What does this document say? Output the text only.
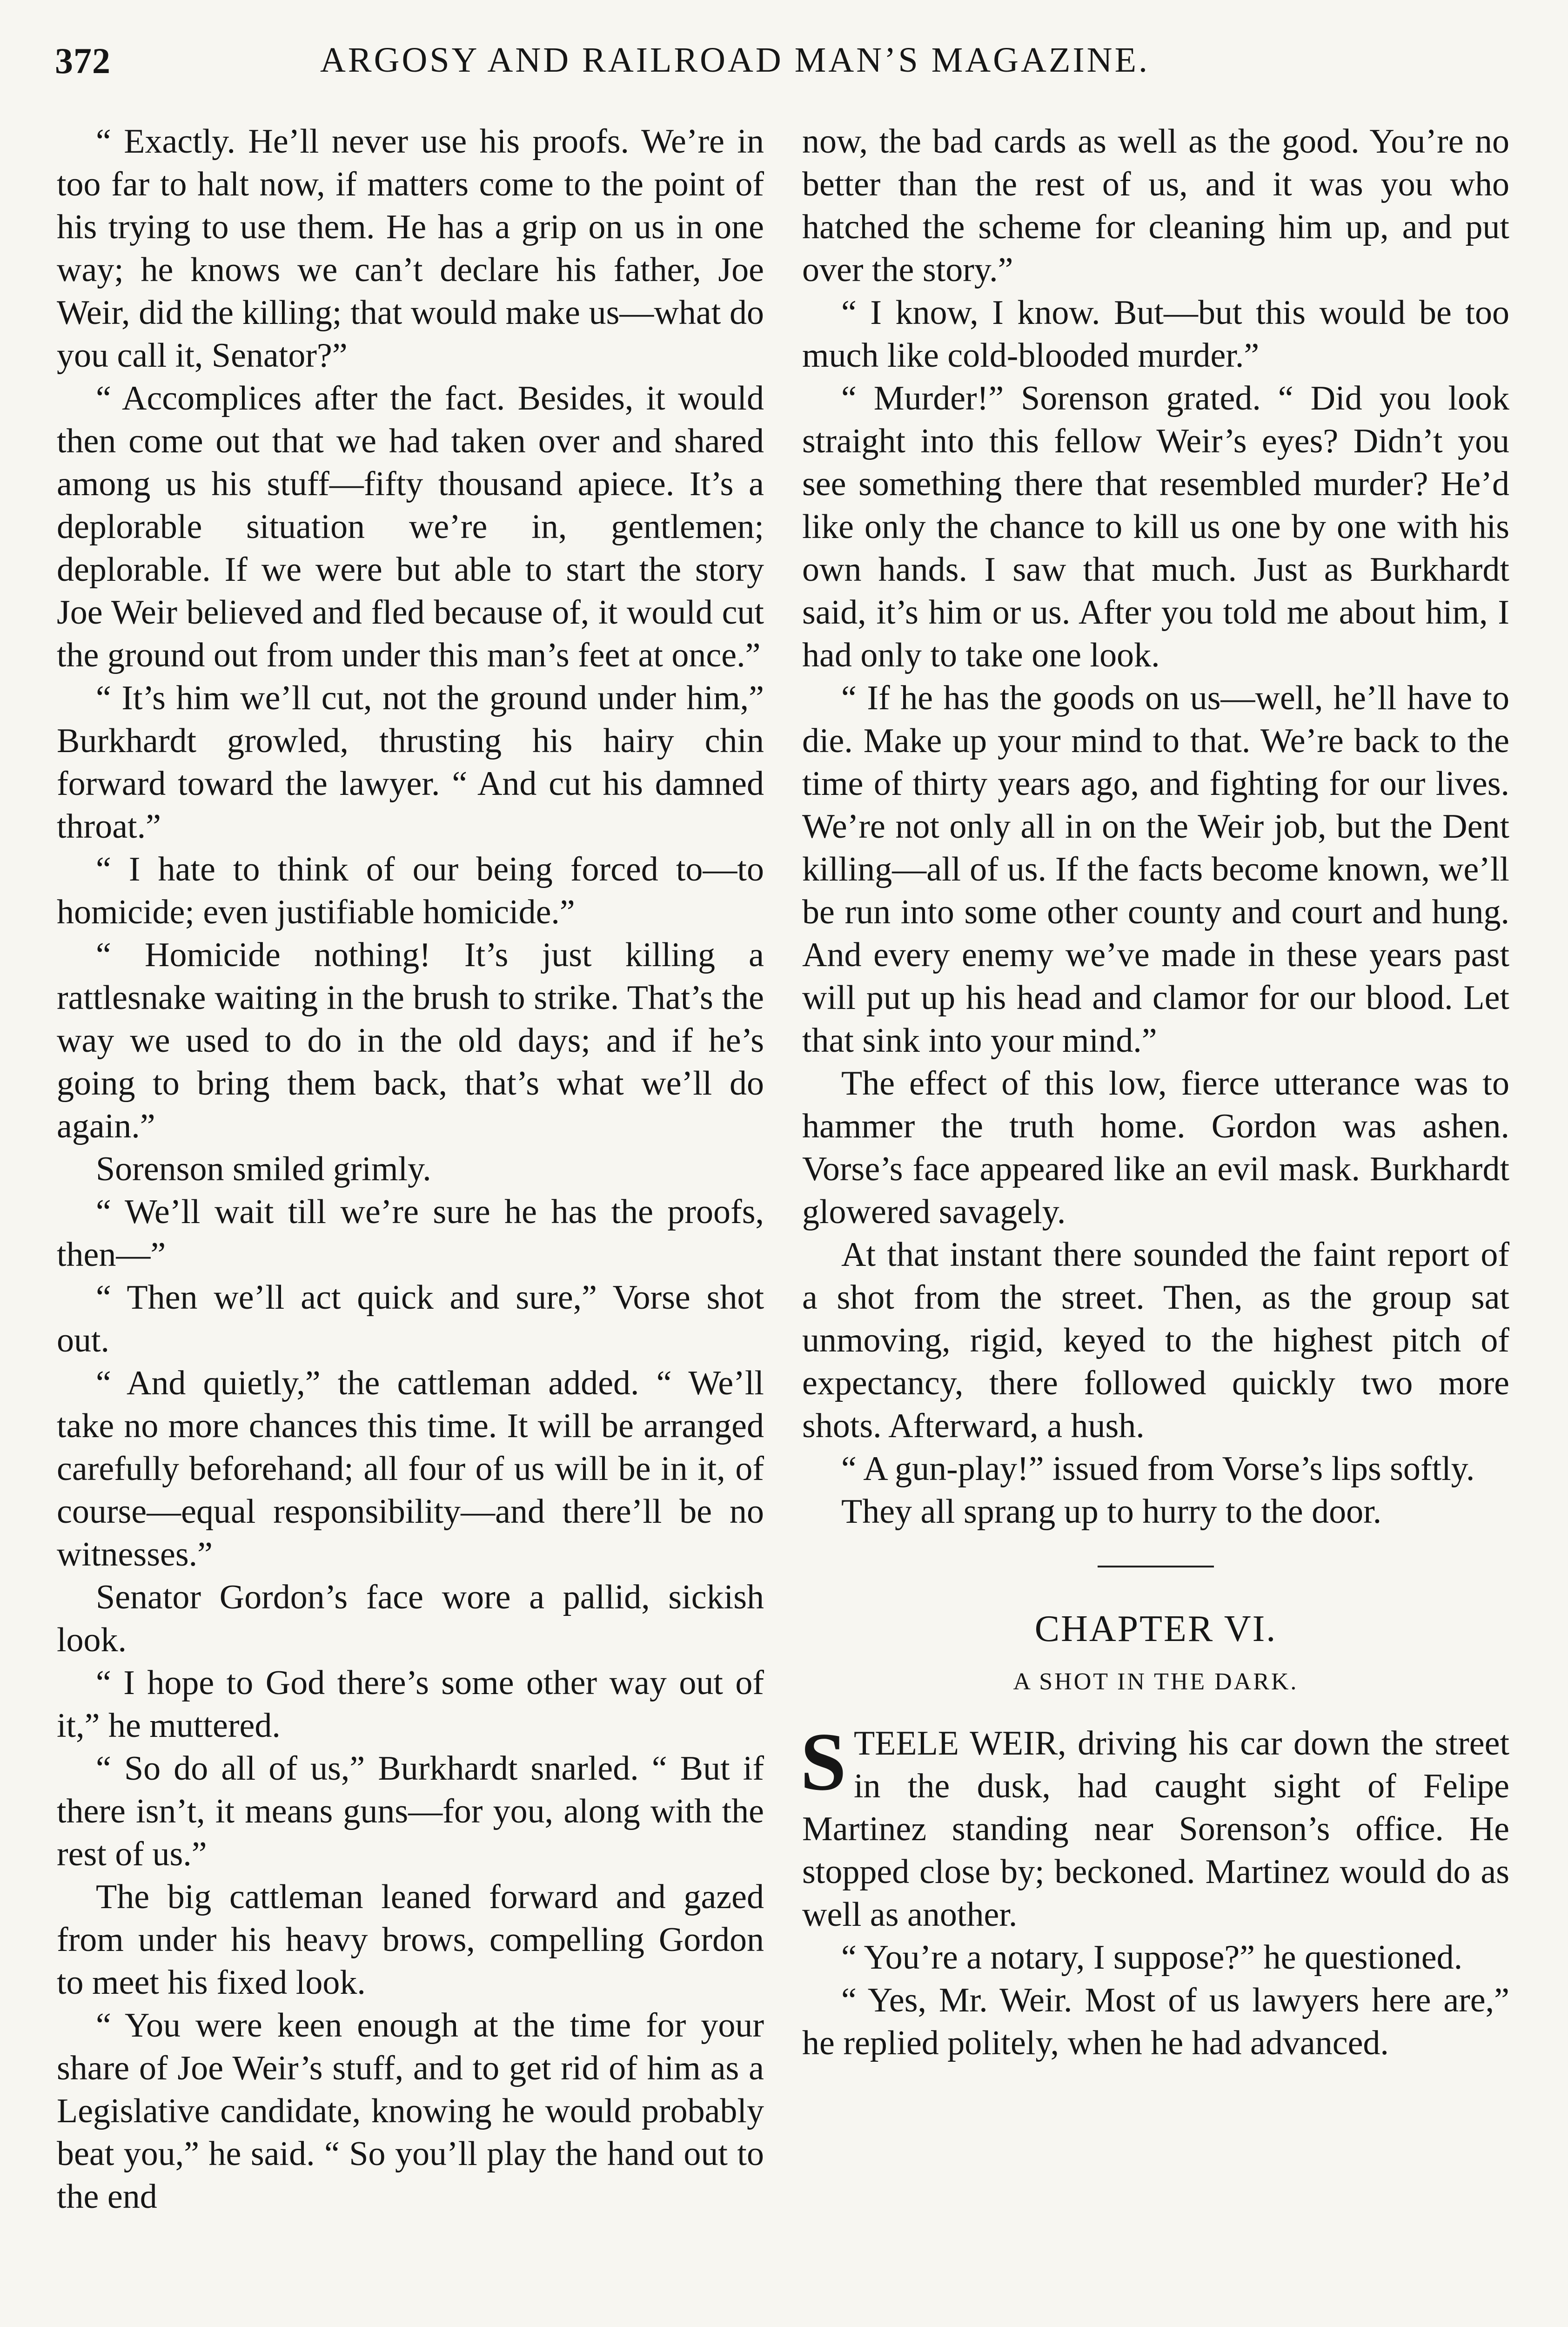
372	ARGOSY AND RAILROAD MAN’S MAGAZINE.

“ Exactly. He’ll never use his proofs. We’re in too far to halt now, if matters come to the point of his trying to use them. He has a grip on us in one way; he knows we can’t declare his father, Joe Weir, did the killing; that would make us—what do you call it, Senator?”

“ Accomplices after the fact. Besides, it would then come out that we had taken over and shared among us his stuff—fifty thousand apiece. It’s a deplorable situation we’re in, gentlemen; deplorable. If we were but able to start the story Joe Weir believed and fled because of, it would cut the ground out from under this man’s feet at once.”

“ It’s him we’ll cut, not the ground under him,” Burkhardt growled, thrusting his hairy chin forward toward the lawyer. “ And cut his damned throat.”

“ I hate to think of our being forced to—to homicide; even justifiable homicide.”

“ Homicide nothing! It’s just killing a rattlesnake waiting in the brush to strike. That’s the way we used to do in the old days; and if he’s going to bring them back, that’s what we’ll do again.”

Sorenson smiled grimly.

“ We’ll wait till we’re sure he has the proofs, then—”

“ Then we’ll act quick and sure,” Vorse shot out.

“ And quietly,” the cattleman added. “ We’ll take no more chances this time. It will be arranged carefully beforehand; all four of us will be in it, of course—equal responsibility—and there’ll be no witnesses.”

Senator Gordon’s face wore a pallid, sickish look.

“ I hope to God there’s some other way out of it,” he muttered.

“ So do all of us,” Burkhardt snarled. “ But if there isn’t, it means guns—for you, along with the rest of us.”

The big cattleman leaned forward and gazed from under his heavy brows, compelling Gordon to meet his fixed look.

“ You were keen enough at the time for your share of Joe Weir’s stuff, and to get rid of him as a Legislative candidate, knowing he would probably beat you,” he said. “ So you’ll play the hand out to the end

now, the bad cards as well as the good. You’re no better than the rest of us, and it was you who hatched the scheme for cleaning him up, and put over the story.”

“ I know, I know. But—but this would be too much like cold-blooded murder.”

“ Murder!” Sorenson grated. “ Did you look straight into this fellow Weir’s eyes? Didn’t you see something there that resembled murder? He’d like only the chance to kill us one by one with his own hands. I saw that much. Just as Burkhardt said, it’s him or us. After you told me about him, I had only to take one look.

“ If he has the goods on us—well, he’ll have to die. Make up your mind to that. We’re back to the time of thirty years ago, and fighting for our lives. We’re not only all in on the Weir job, but the Dent killing—all of us. If the facts become known, we’ll be run into some other county and court and hung. And every enemy we’ve made in these years past will put up his head and clamor for our blood. Let that sink into your mind.”

The effect of this low, fierce utterance was to hammer the truth home. Gordon was ashen. Vorse’s face appeared like an evil mask. Burkhardt glowered savagely.

At that instant there sounded the faint report of a shot from the street. Then, as the group sat unmoving, rigid, keyed to the highest pitch of expectancy, there followed quickly two more shots. Afterward, a hush.

“ A gun-play!” issued from Vorse’s lips softly.

They all sprang up to hurry to the door.

CHAPTER VI.
A SHOT IN THE DARK.

STEELE WEIR, driving his car down the street in the dusk, had caught sight of Felipe Martinez standing near Sorenson’s office. He stopped close by; beckoned. Martinez would do as well as another.

“ You’re a notary, I suppose?” he questioned.

“ Yes, Mr. Weir. Most of us lawyers here are,” he replied politely, when he had advanced.
